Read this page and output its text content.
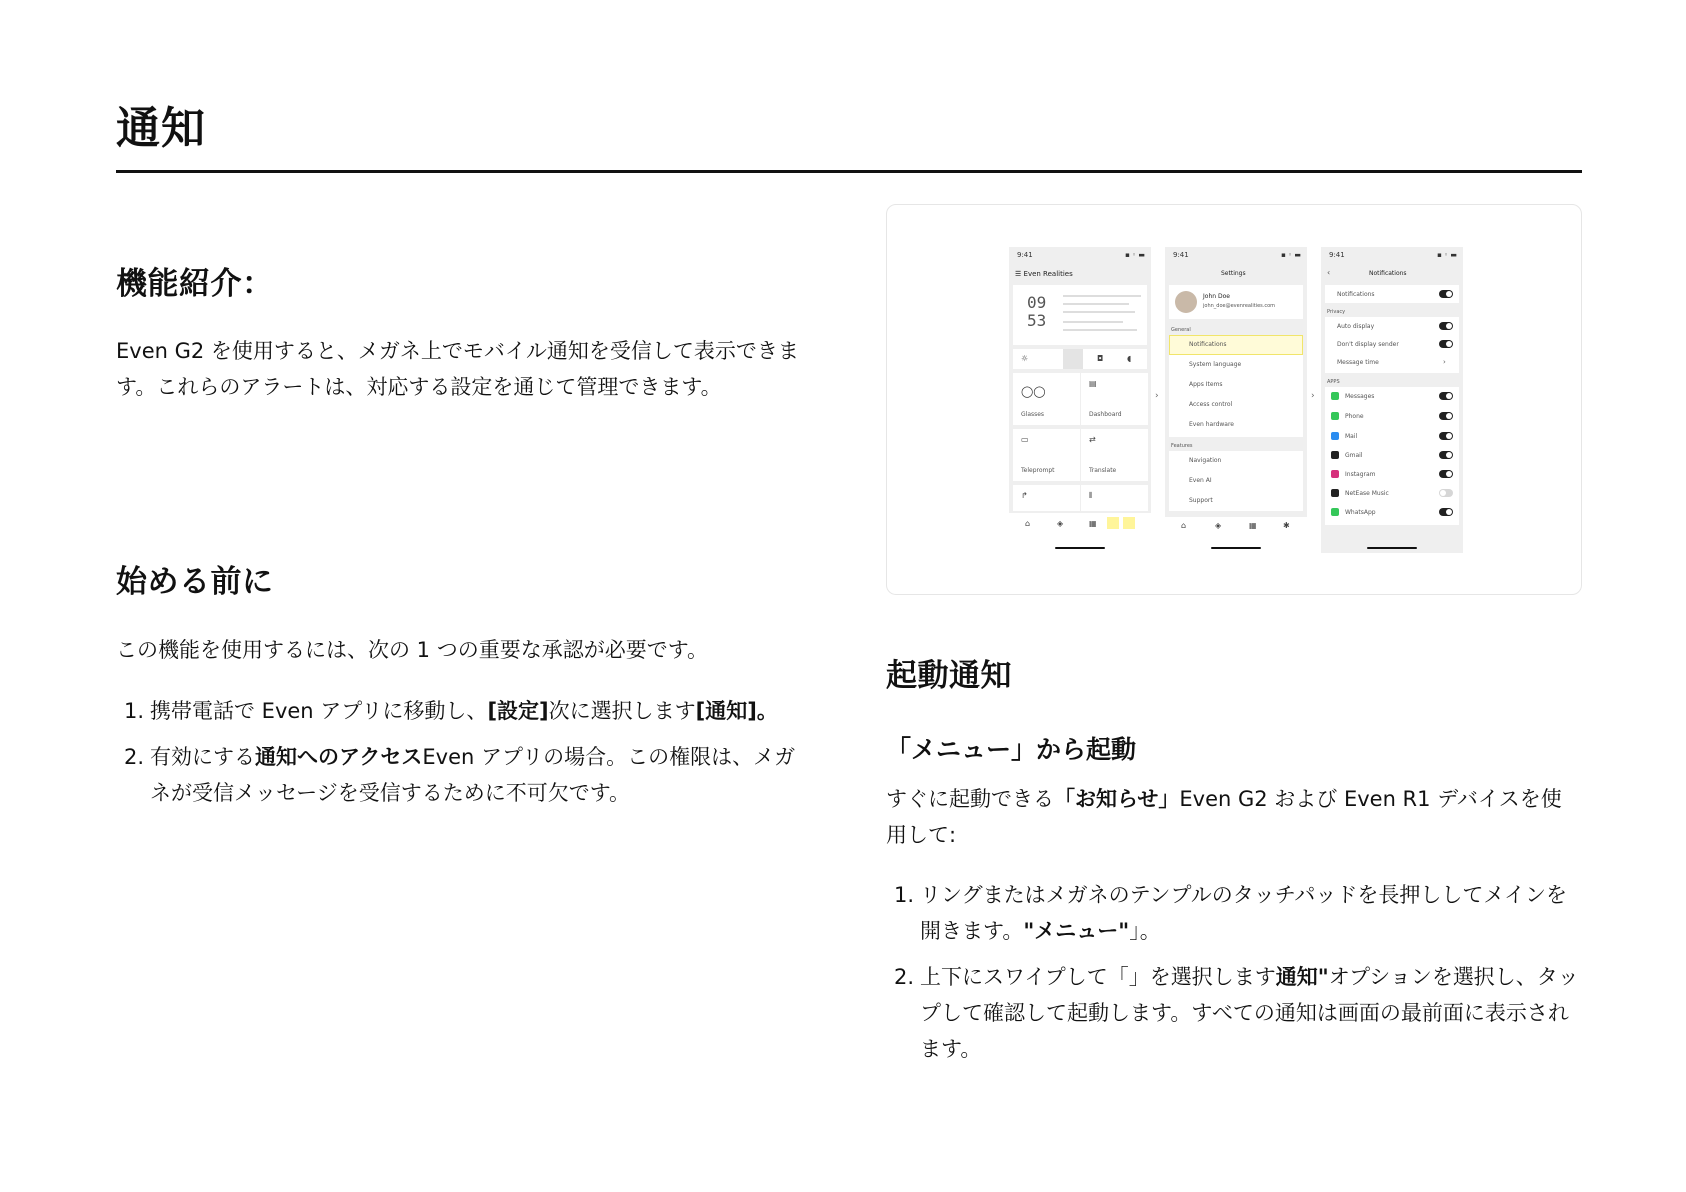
通知
機能紹介：

Even G2 を使用すると、メガネ上でモバイル通知を受信して表示できます。これらのアラートは、対応する設定を通じて管理できます。

始める前に

この機能を使用するには、次の 1 つの重要な承認が必要です。

1. 携帯電話で Even アプリに移動し、[設定]次に選択します[通知]。
2. 有効にする通知へのアクセスEven アプリの場合。この権限は、メガネが受信メッセージを受信するために不可欠です。
9:41	▪ ◦ ▬
☰ Even Realities
09
53
☼	◘	◖
◯◯
Glasses
▤
Dashboard
▭
Teleprompt
⇄
Translate
↱	⦀
⌂	◈	▦
›
9:41	▪ ◦ ▬
Settings
John Doe
john_doe@evenrealities.com
General
Notifications
System language
Apps Items
Access control
Even hardware
Features
Navigation
Even AI
Support
⌂	◈	▦	✱
›
9:41	▪ ◦ ▬
‹	Notifications
Notifications
Privacy
Auto display
Don't display sender
Message time	›
APPS
Messages
Phone
Mail
Gmail
Instagram
NetEase Music
WhatsApp
起動通知
「メニュー」から起動

すぐに起動できる「お知らせ」Even G2 および Even R1 デバイスを使用して:

1. リングまたはメガネのテンプルのタッチパッドを長押ししてメインを開きます。"メニュー"」。
2. 上下にスワイプして「」を選択します通知"オプションを選択し、タップして確認して起動します。すべての通知は画面の最前面に表示されます。
